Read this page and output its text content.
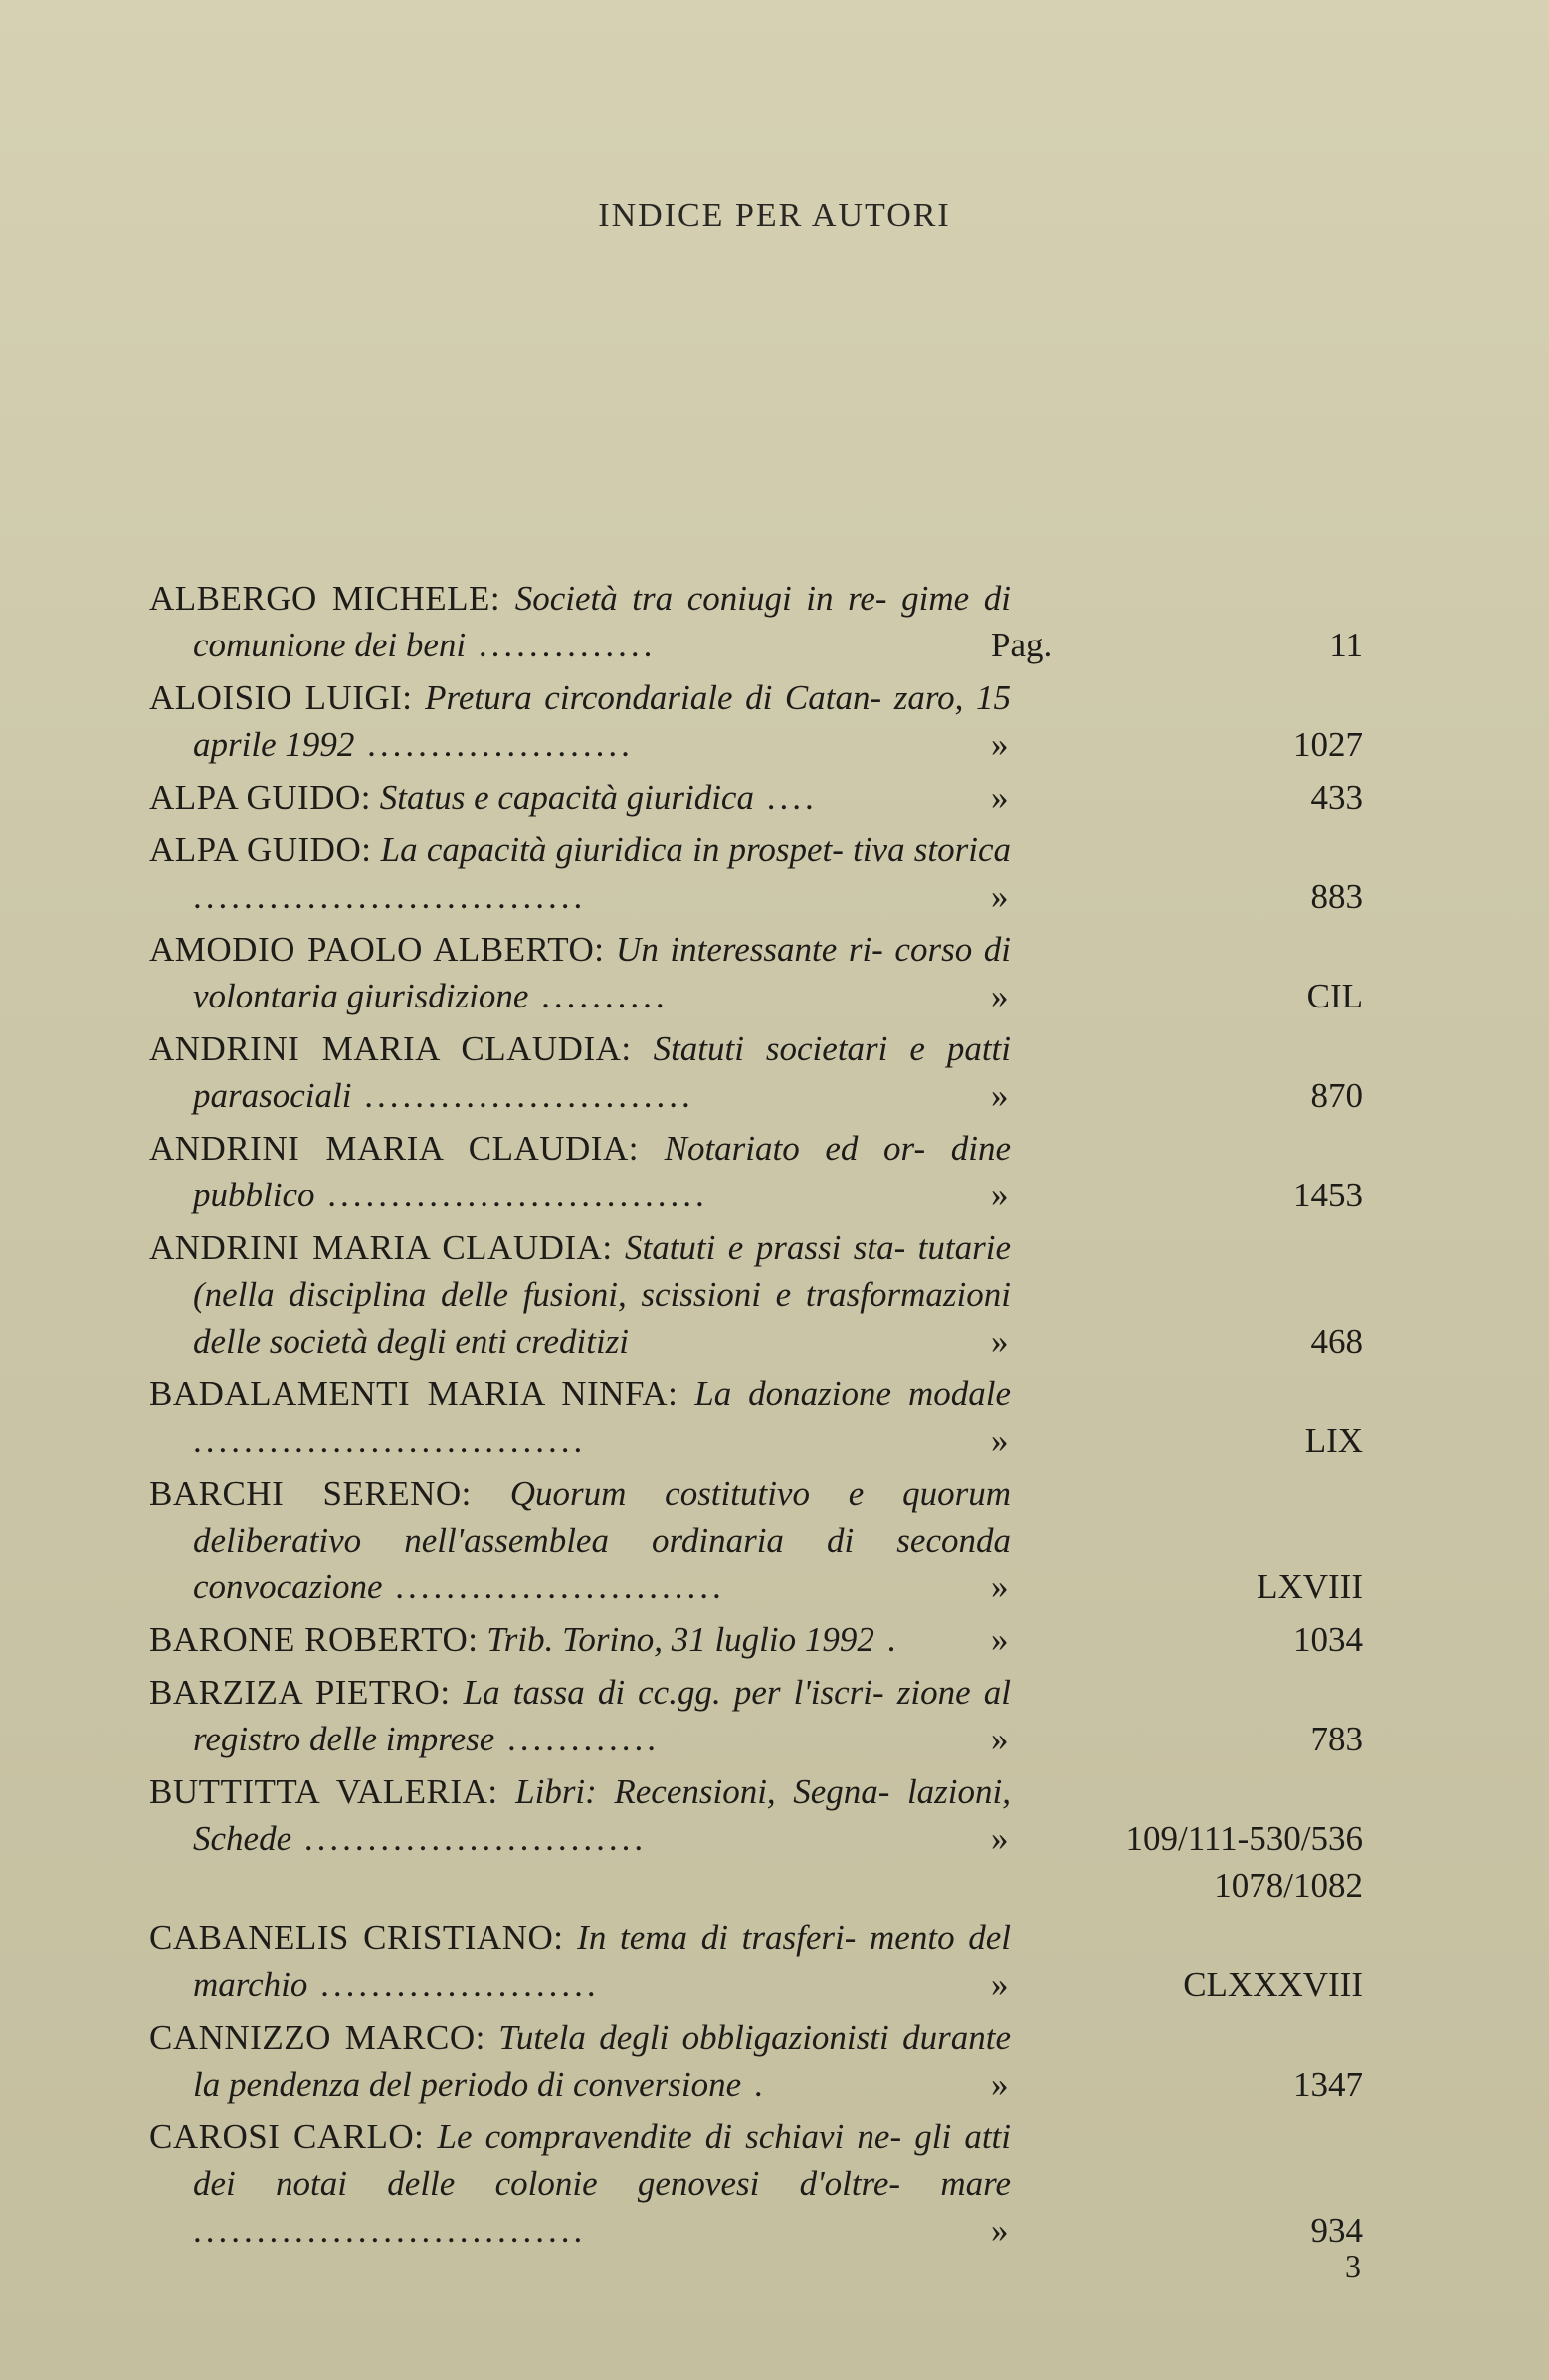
INDICE PER AUTORI
ALBERGO MICHELE: Società tra coniugi in re- gime di comunione dei beni ..............	Pag.	11
ALOISIO LUIGI: Pretura circondariale di Catan- zaro, 15 aprile 1992 .....................	»	1027
ALPA GUIDO: Status e capacità giuridica ....	»	433
ALPA GUIDO: La capacità giuridica in prospet- tiva storica ...............................	»	883
AMODIO PAOLO ALBERTO: Un interessante ri- corso di volontaria giurisdizione ..........	»	CIL
ANDRINI MARIA CLAUDIA: Statuti societari e patti parasociali ..........................	»	870
ANDRINI MARIA CLAUDIA: Notariato ed or- dine pubblico ..............................	»	1453
ANDRINI MARIA CLAUDIA: Statuti e prassi sta- tutarie (nella disciplina delle fusioni, scissioni e trasformazioni delle società degli enti creditizi	»	468
BADALAMENTI MARIA NINFA: La donazione modale ...............................	»	LIX
BARCHI SERENO: Quorum costitutivo e quorum deliberativo nell'assemblea ordinaria di seconda convocazione ..........................	»	LXVIII
BARONE ROBERTO: Trib. Torino, 31 luglio 1992 .	»	1034
BARZIZA PIETRO: La tassa di cc.gg. per l'iscri- zione al registro delle imprese ............	»	783
BUTTITTA VALERIA: Libri: Recensioni, Segna- lazioni, Schede ...........................	»	109/111-530/536
1078/1082
CABANELIS CRISTIANO: In tema di trasferi- mento del marchio ......................	»	CLXXXVIII
CANNIZZO MARCO: Tutela degli obbligazionisti durante la pendenza del periodo di conversione .	»	1347
CAROSI CARLO: Le compravendite di schiavi ne- gli atti dei notai delle colonie genovesi d'oltre- mare ...............................	»	934
3
